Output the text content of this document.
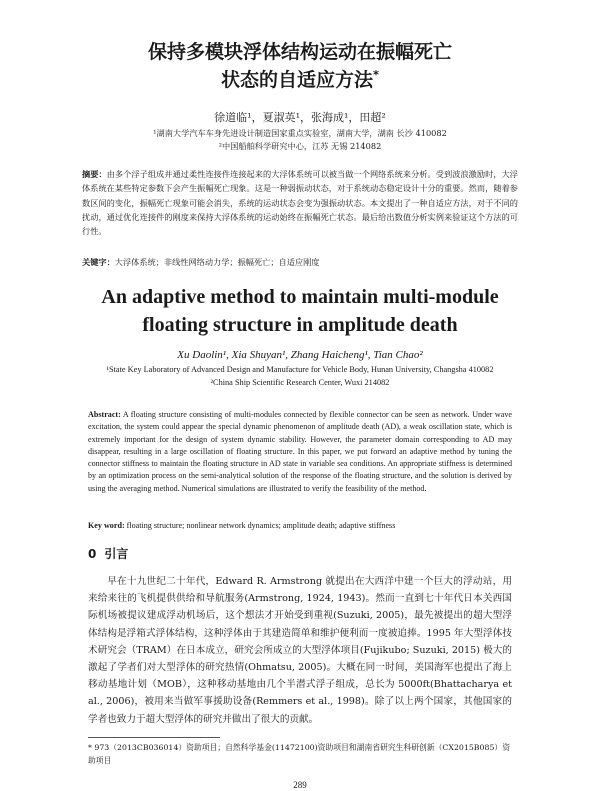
保持多模块浮体结构运动在振幅死亡
状态的自适应方法*
徐道临¹，夏淑英¹，张海成¹，田超²
¹湖南大学汽车车身先进设计制造国家重点实验室，湖南大学，湖南 长沙 410082
²中国船舶科学研究中心，江苏 无锡 214082
摘要：由多个浮子组成并通过柔性连接件连接起来的大浮体系统可以被当做一个网络系统来分析。受到波浪激励时，大浮体系统在某些特定参数下会产生振幅死亡现象。这是一种弱振动状态，对于系统动态稳定设计十分的重要。然而，随着参数区间的变化，振幅死亡现象可能会消失，系统的运动状态会变为强振动状态。本文提出了一种自适应方法，对于不同的扰动，通过优化连接件的刚度来保持大浮体系统的运动始终在振幅死亡状态。最后给出数值分析实例来验证这个方法的可行性。
关键字：大浮体系统；非线性网络动力学；振幅死亡；自适应刚度
An adaptive method to maintain multi-module
floating structure in amplitude death
Xu Daolin¹, Xia Shuyan¹, Zhang Haicheng¹, Tian Chao²
¹State Key Laboratory of Advanced Design and Manufacture for Vehicle Body, Hunan University, Changsha 410082
²China Ship Scientific Research Center, Wuxi 214082
Abstract: A floating structure consisting of multi-modules connected by flexible connector can be seen as network. Under wave excitation, the system could appear the special dynamic phenomenon of amplitude death (AD), a weak oscillation state, which is extremely important for the design of system dynamic stability. However, the parameter domain corresponding to AD may disappear, resulting in a large oscillation of floating structure. In this paper, we put forward an adaptive method by tuning the connector stiffness to maintain the floating structure in AD state in variable sea conditions. An appropriate stiffness is determined by an optimization process on the semi-analytical solution of the response of the floating structure, and the solution is derived by using the averaging method. Numerical simulations are illustrated to verify the feasibility of the method.
Key word: floating structure; nonlinear network dynamics; amplitude death; adaptive stiffness
0 引言
早在十九世纪二十年代，Edward R. Armstrong 就提出在大西洋中建一个巨大的浮动站，用来给来往的飞机提供供给和导航服务(Armstrong, 1924, 1943)。然而一直到七十年代日本关西国际机场被提议建成浮动机场后，这个想法才开始受到重视(Suzuki, 2005)，最先被提出的超大型浮体结构是浮箱式浮体结构，这种浮体由于其建造简单和维护便利而一度被追捧。1995 年大型浮体技术研究会（TRAM）在日本成立，研究会所成立的大型浮体项目(Fujikubo; Suzuki, 2015) 极大的激起了学者们对大型浮体的研究热情(Ohmatsu, 2005)。大概在同一时间，美国海军也提出了海上移动基地计划（MOB），这种移动基地由几个半潜式浮子组成，总长为 5000ft(Bhattacharya et al., 2006)，被用来当做军事援助设备(Remmers et al., 1998)。除了以上两个国家，其他国家的学者也致力于超大型浮体的研究并做出了很大的贡献。
* 973（2013CB036014）资助项目；自然科学基金(11472100)资助项目和湖南省研究生科研创新（CX2015B085）资助项目
289
